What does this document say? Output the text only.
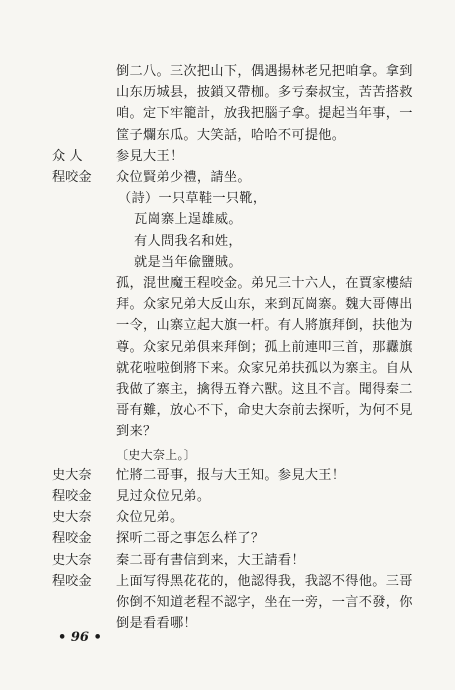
倒二八。三次把山下，偶遇揚林老兄把咱拿。拿到
山东历城县，披鎖又帶枷。多亏秦叔宝，苦苦搭救
咱。定下牢籠計，放我把腦子拿。提起当年事，一
筐子爛东瓜。大笑話，哈哈不可提他。
众 人	参見大王！
程咬金 众位賢弟少禮，請坐。
（詩）一只草鞋一只靴，
瓦崗寨上逞雄威。
有人問我名和姓，
就是当年偸鹽賊。
孤，混世魔王程咬金。弟兄三十六人，在賈家樓結
拜。众家兄弟大反山东，来到瓦崗寨。魏大哥傳出
一令，山寨立起大旗一杆。有人將旗拜倒，扶他为
尊。众家兄弟俱来拜倒；孤上前連叩三首，那纛旗
就花啦啦倒將下来。众家兄弟扶孤以为寨主。自从
我做了寨主，擒得五脊六獸。这且不言。聞得秦二
哥有難，放心不下，命史大奈前去探听，为何不見
到来？
〔史大奈上。〕
史大奈 忙將二哥事，报与大王知。参見大王！
程咬金 見过众位兄弟。
史大奈 众位兄弟。
程咬金 探听二哥之事怎么样了？
史大奈 秦二哥有書信到来，大王請看！
程咬金 上面写得黑花花的，他認得我，我認不得他。三哥
你倒不知道老程不認字，坐在一旁，一言不發，你
倒是看看哪！
• 96 •
